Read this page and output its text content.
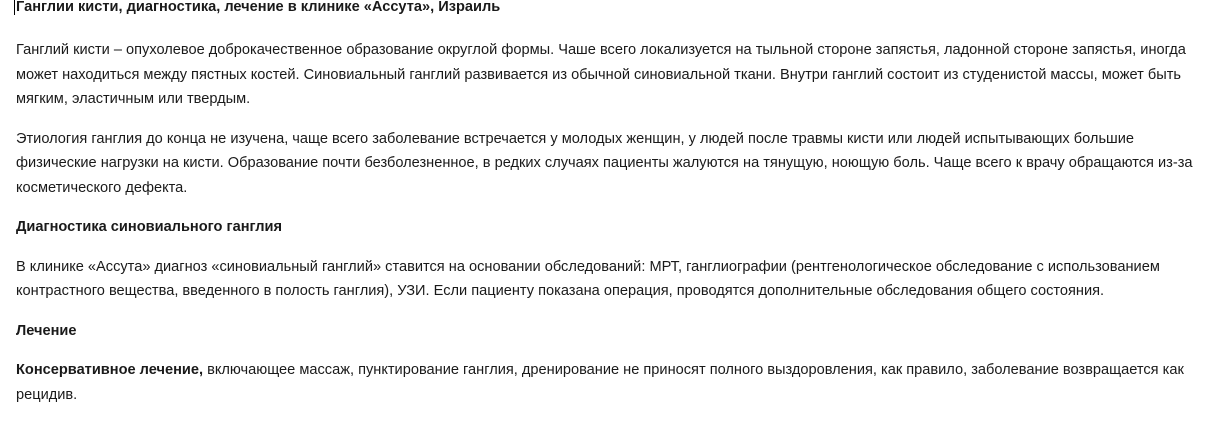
Ганглии кисти, диагностика, лечение в клинике «Ассута», Израиль

Ганглий кисти – опухолевое доброкачественное образование округлой формы. Чаше всего локализуется на тыльной стороне запястья, ладонной стороне запястья, иногда может находиться между пястных костей. Синовиальный ганглий развивается из обычной синовиальной ткани. Внутри ганглий состоит из студенистой массы, может быть мягким, эластичным или твердым.

Этиология ганглия до конца не изучена, чаще всего заболевание встречается у молодых женщин, у людей после травмы кисти или людей испытывающих большие физические нагрузки на кисти. Образование почти безболезненное, в редких случаях пациенты жалуются на тянущую, ноющую боль. Чаще всего к врачу обращаются из-за косметического дефекта.

Диагностика синовиального ганглия

В клинике «Ассута» диагноз «синовиальный ганглий» ставится на основании обследований: МРТ, ганглиографии (рентгенологическое обследование с использованием контрастного вещества, введенного в полость ганглия), УЗИ. Если пациенту показана операция, проводятся дополнительные обследования общего состояния.

Лечение

Консервативное лечение, включающее массаж, пунктирование ганглия, дренирование не приносят полного выздоровления, как правило, заболевание возвращается как рецидив.
